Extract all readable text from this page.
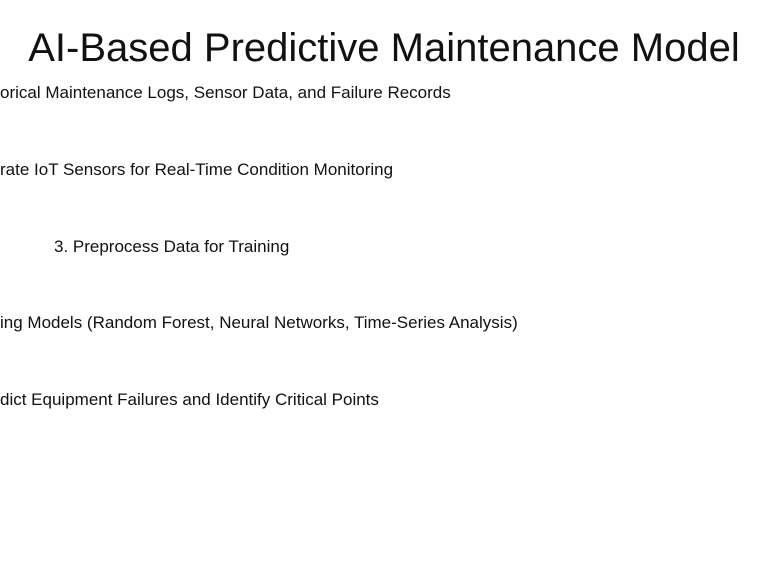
AI-Based Predictive Maintenance Model

orical Maintenance Logs, Sensor Data, and Failure Records

rate IoT Sensors for Real-Time Condition Monitoring

3. Preprocess Data for Training

ing Models (Random Forest, Neural Networks, Time-Series Analysis)

dict Equipment Failures and Identify Critical Points
